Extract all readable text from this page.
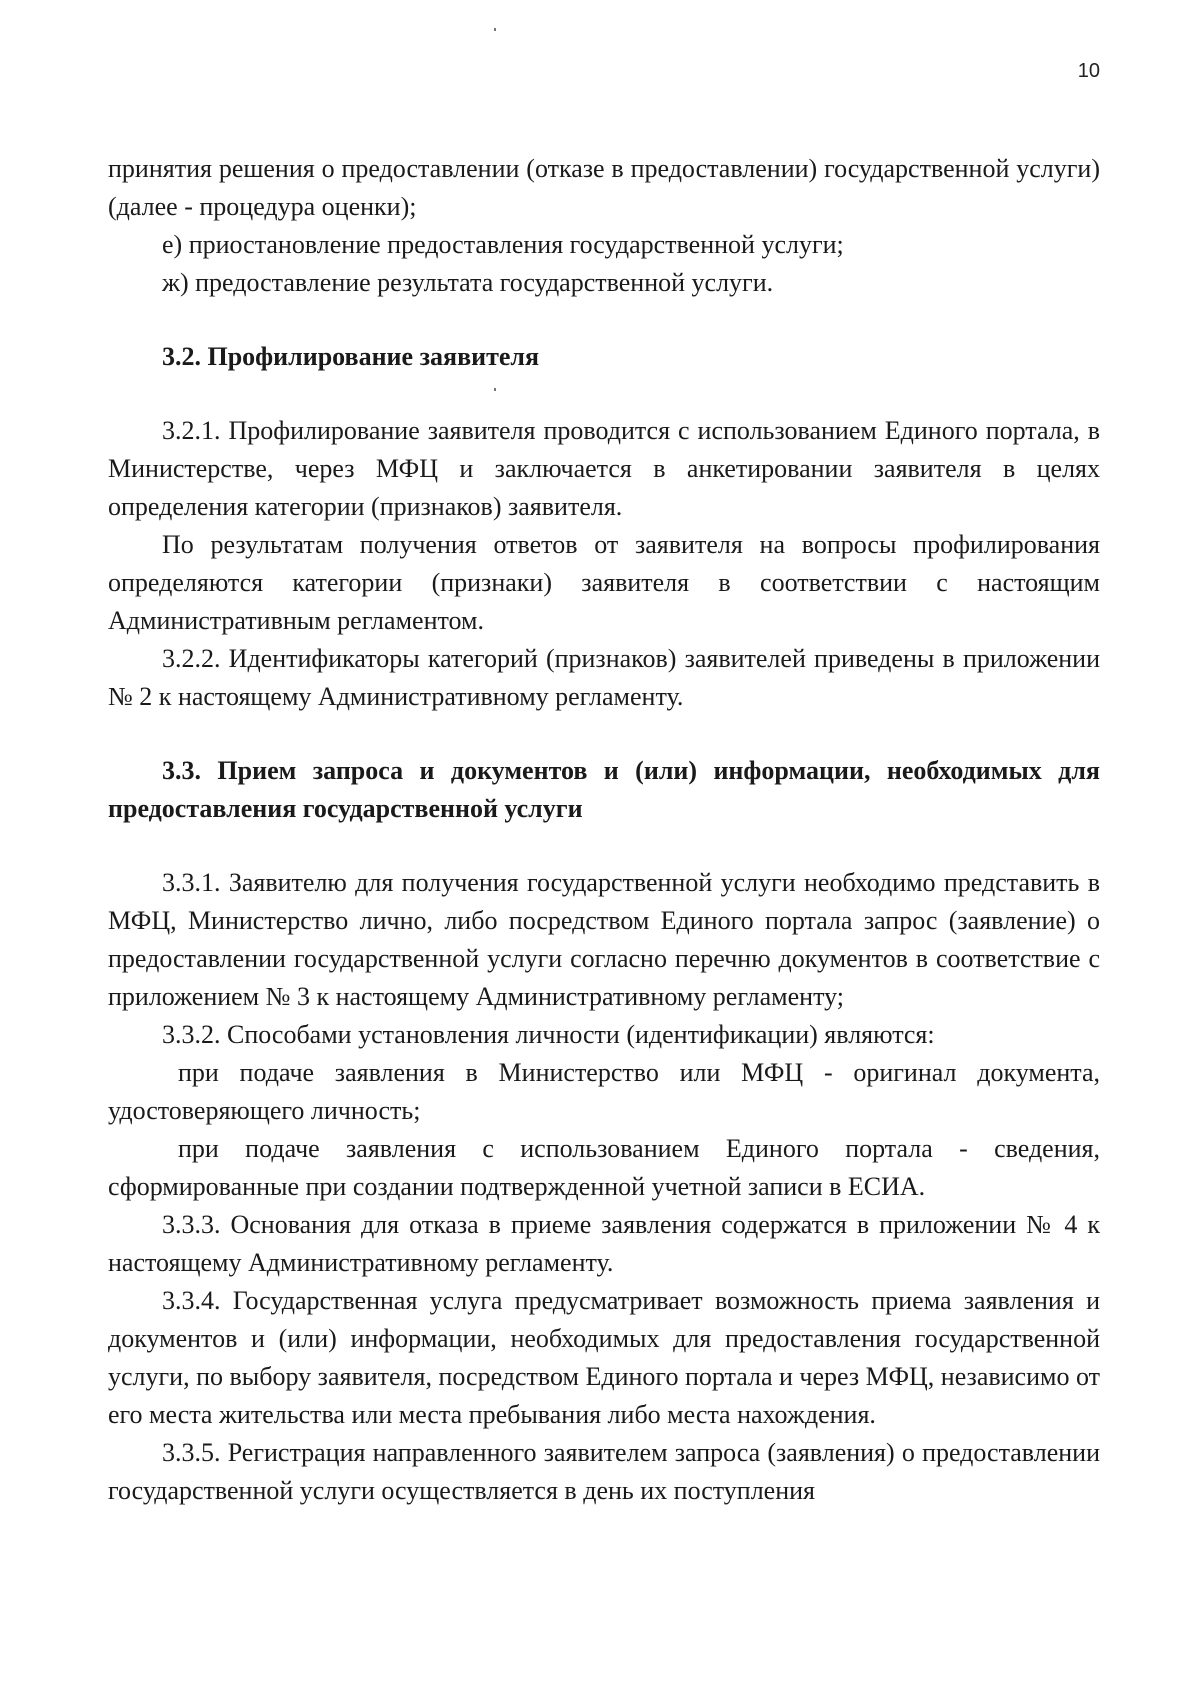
10

принятия решения о предоставлении (отказе в предоставлении) государственной услуги) (далее - процедура оценки);

е) приостановление предоставления государственной услуги;

ж) предоставление результата государственной услуги.

3.2. Профилирование заявителя

3.2.1. Профилирование заявителя проводится с использованием Единого портала, в Министерстве, через МФЦ и заключается в анкетировании заявителя в целях определения категории (признаков) заявителя.

По результатам получения ответов от заявителя на вопросы профилирования определяются категории (признаки) заявителя в соответствии с настоящим Административным регламентом.

3.2.2. Идентификаторы категорий (признаков) заявителей приведены в приложении № 2 к настоящему Административному регламенту.

3.3. Прием запроса и документов и (или) информации, необходимых для предоставления государственной услуги

3.3.1. Заявителю для получения государственной услуги необходимо представить в МФЦ, Министерство лично, либо посредством Единого портала запрос (заявление) о предоставлении государственной услуги согласно перечню документов в соответствие с приложением № 3 к настоящему Административному регламенту;

3.3.2. Способами установления личности (идентификации) являются:

при подаче заявления в Министерство или МФЦ - оригинал документа, удостоверяющего личность;

при подаче заявления с использованием Единого портала - сведения, сформированные при создании подтвержденной учетной записи в ЕСИА.

3.3.3. Основания для отказа в приеме заявления содержатся в приложении № 4 к настоящему Административному регламенту.

3.3.4. Государственная услуга предусматривает возможность приема заявления и документов и (или) информации, необходимых для предоставления государственной услуги, по выбору заявителя, посредством Единого портала и через МФЦ, независимо от его места жительства или места пребывания либо места нахождения.

3.3.5. Регистрация направленного заявителем запроса (заявления) о предоставлении государственной услуги осуществляется в день их поступления
